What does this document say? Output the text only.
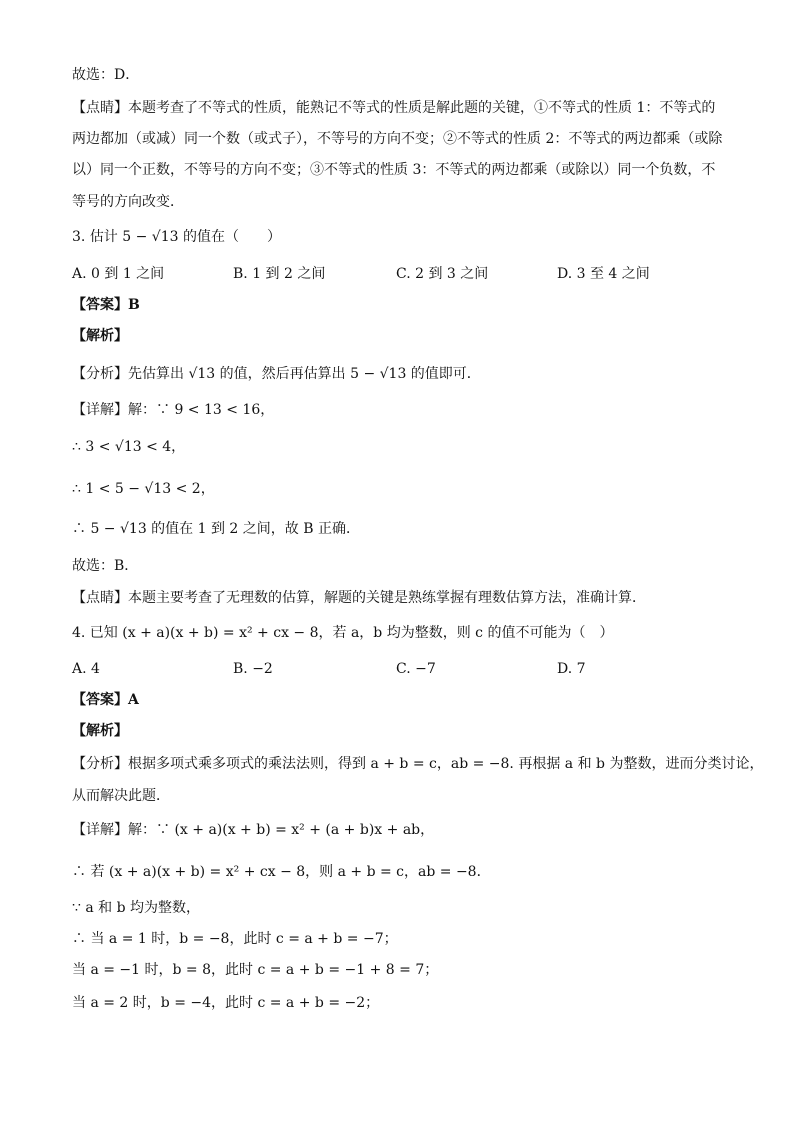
故选：D．
【点睛】本题考查了不等式的性质，能熟记不等式的性质是解此题的关键，①不等式的性质 1：不等式的
两边都加（或减）同一个数（或式子），不等号的方向不变；②不等式的性质 2：不等式的两边都乘（或除
以）同一个正数，不等号的方向不变；③不等式的性质 3：不等式的两边都乘（或除以）同一个负数，不
等号的方向改变．
3. 估计 5 − √13 的值在（　　）
A. 0 到 1 之间	B. 1 到 2 之间	C. 2 到 3 之间	D. 3 至 4 之间
【答案】B
【解析】
【分析】先估算出 √13 的值，然后再估算出 5 − √13 的值即可．
【详解】解：∵ 9 < 13 < 16，
∴ 3 < √13 < 4，
∴ 1 < 5 − √13 < 2，
∴ 5 − √13 的值在 1 到 2 之间，故 B 正确．
故选：B．
【点睛】本题主要考查了无理数的估算，解题的关键是熟练掌握有理数估算方法，准确计算．
4. 已知 (x + a)(x + b) = x² + cx − 8，若 a，b 均为整数，则 c 的值不可能为（　）
A. 4	B. −2	C. −7	D. 7
【答案】A
【解析】
【分析】根据多项式乘多项式的乘法法则，得到 a + b = c，ab = −8. 再根据 a 和 b 为整数，进而分类讨论，
从而解决此题．
【详解】解：∵ (x + a)(x + b) = x² + (a + b)x + ab，
∴ 若 (x + a)(x + b) = x² + cx − 8，则 a + b = c，ab = −8．
∵ a 和 b 均为整数，
∴ 当 a = 1 时，b = −8，此时 c = a + b = −7；
当 a = −1 时，b = 8，此时 c = a + b = −1 + 8 = 7；
当 a = 2 时，b = −4，此时 c = a + b = −2；
